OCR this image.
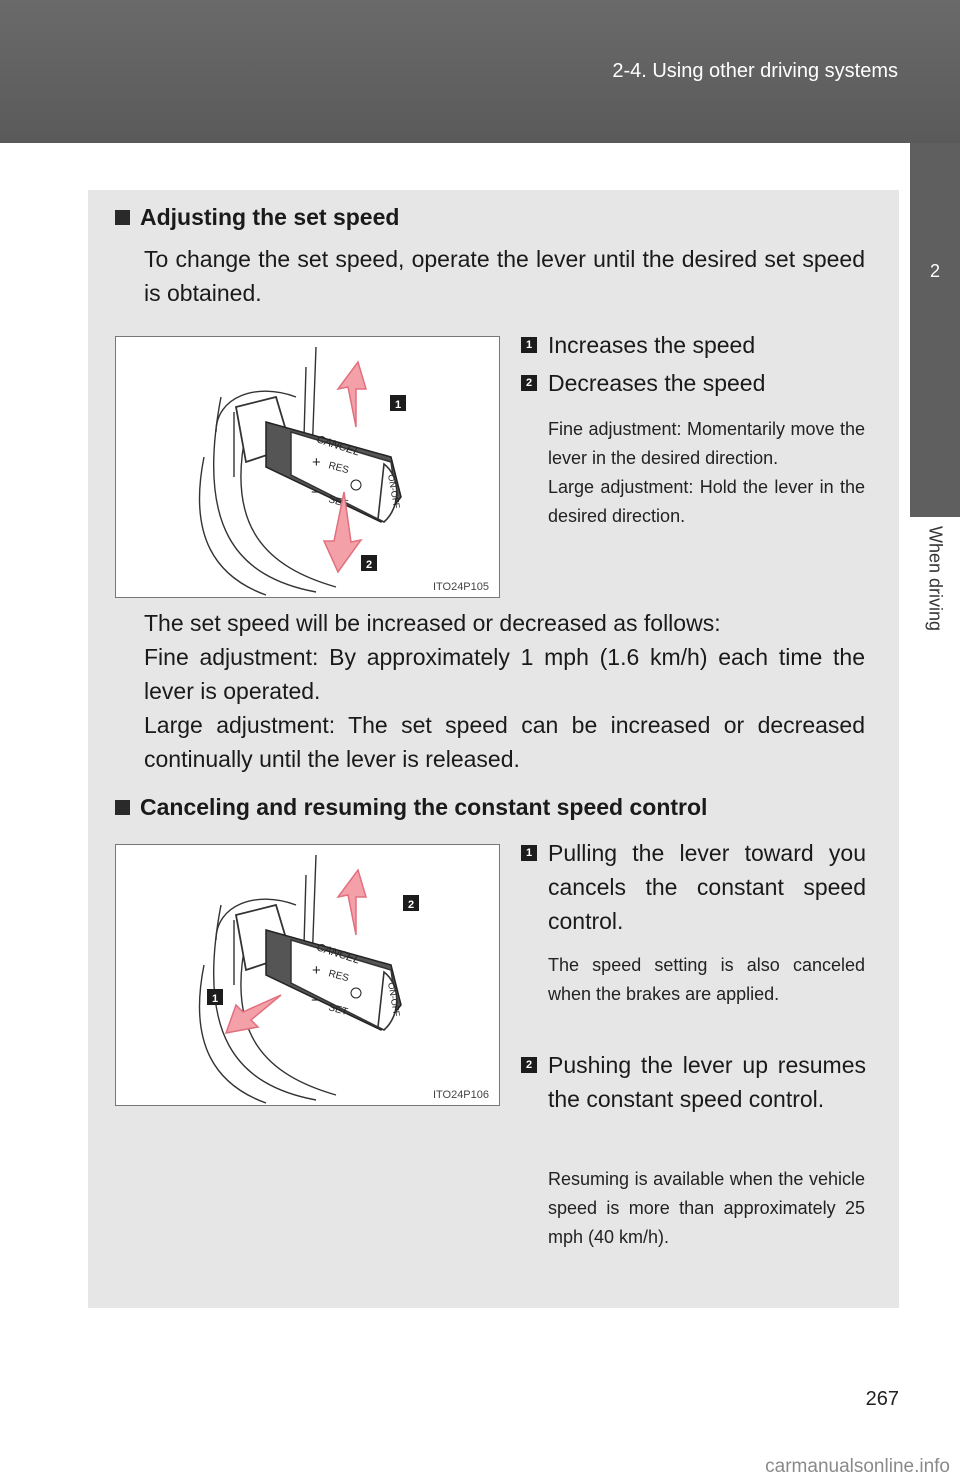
2-4. Using other driving systems
2
When driving
Adjusting the set speed

To change the set speed, operate the lever until the desired set speed is obtained.

CANCEL
+ RES
−
SET	ON-OFF
1
2
ITO24P105
1 Increases the speed
2 Decreases the speed

Fine adjustment: Momentarily move the lever in the desired direction.

Large adjustment: Hold the lever in the desired direction.

The set speed will be increased or decreased as follows:

Fine adjustment: By approximately 1 mph (1.6 km/h) each time the lever is operated.

Large adjustment: The set speed can be increased or decreased continually until the lever is released.

Canceling and resuming the constant speed control
CANCEL
+ RES
−
SET	ON-OFF
2
1
ITO24P106
1 Pulling the lever toward you cancels the constant speed control.

The speed setting is also canceled when the brakes are applied.

2 Pushing the lever up resumes the constant speed control.

Resuming is available when the vehicle speed is more than approximately 25 mph (40 km/h).

267
carmanualsonline.info
